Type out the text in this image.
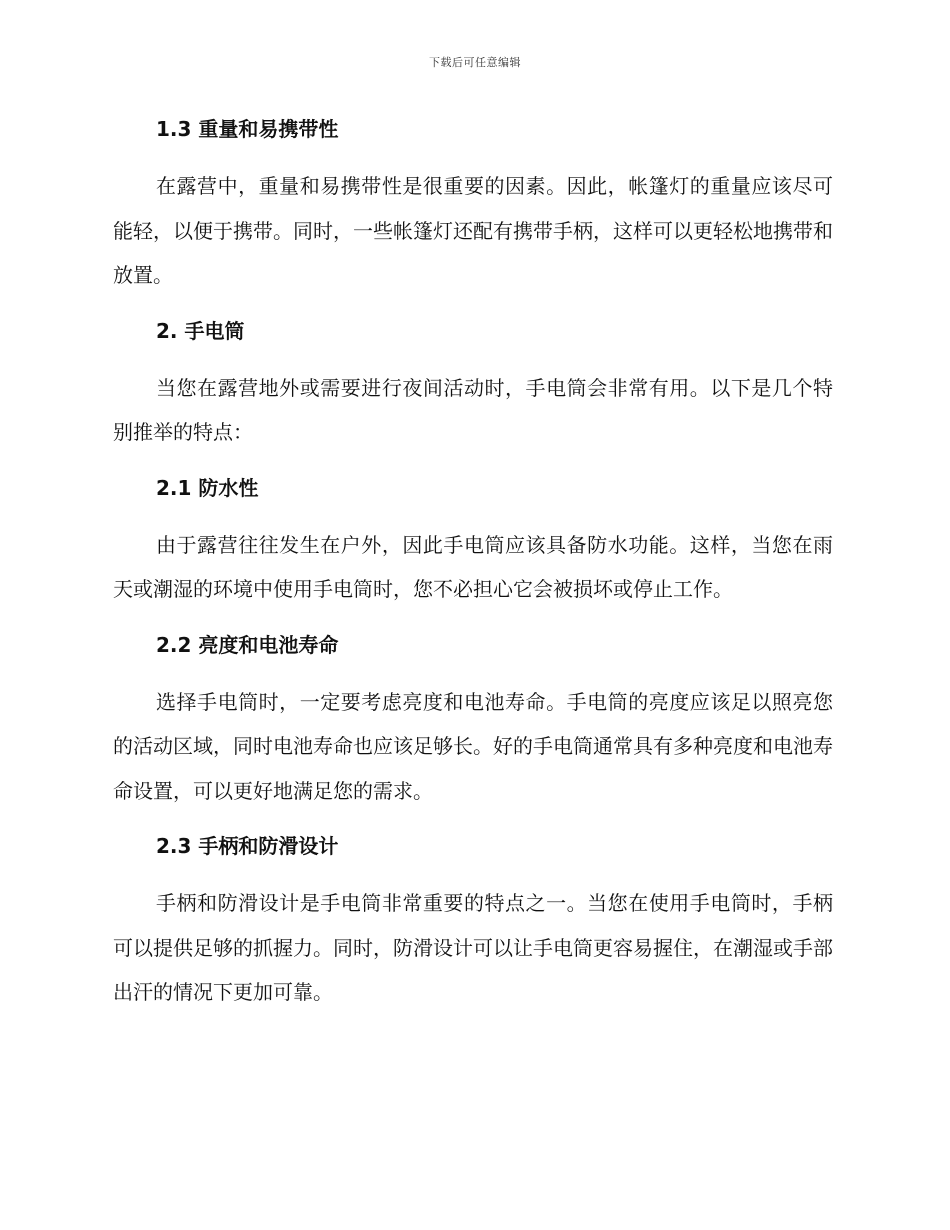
下载后可任意编辑
1.3 重量和易携带性

在露营中，重量和易携带性是很重要的因素。因此，帐篷灯的重量应该尽可能轻，以便于携带。同时，一些帐篷灯还配有携带手柄，这样可以更轻松地携带和放置。

2. 手电筒

当您在露营地外或需要进行夜间活动时，手电筒会非常有用。以下是几个特别推举的特点：

2.1 防水性

由于露营往往发生在户外，因此手电筒应该具备防水功能。这样，当您在雨天或潮湿的环境中使用手电筒时，您不必担心它会被损坏或停止工作。

2.2 亮度和电池寿命

选择手电筒时，一定要考虑亮度和电池寿命。手电筒的亮度应该足以照亮您的活动区域，同时电池寿命也应该足够长。好的手电筒通常具有多种亮度和电池寿命设置，可以更好地满足您的需求。

2.3 手柄和防滑设计

手柄和防滑设计是手电筒非常重要的特点之一。当您在使用手电筒时，手柄可以提供足够的抓握力。同时，防滑设计可以让手电筒更容易握住，在潮湿或手部出汗的情况下更加可靠。
